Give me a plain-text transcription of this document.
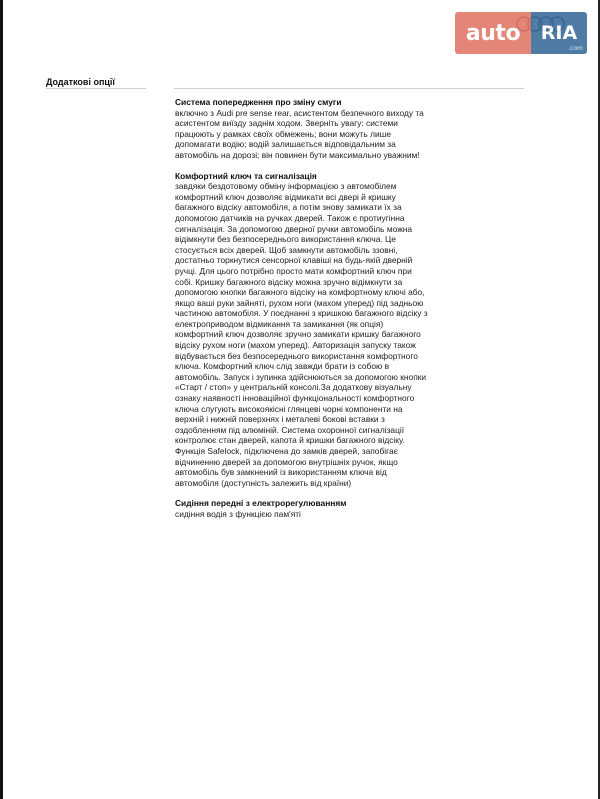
auto	RIA
.com
Додаткові опції
Система попередження про зміну смуги
включно з Audi pre sense rear, асистентом безпечного виходу та асистентом виїзду заднім ходом. Зверніть увагу: системи працюють у рамках своїх обмежень; вони можуть лише допомагати водію; водій залишається відповідальним за автомобіль на дорозі; він повинен бути максимально уважним!
Комфортний ключ та сигналізація
завдяки бездотовому обміну інформацією з автомобілем комфортний ключ дозволяє відмикати всі двері й кришку багажного відсіку автомобіля, а потім знову замикати їх за допомогою датчиків на ручках дверей. Також є протиугінна сигналізація. За допомогою дверної ручки автомобіль можна відімкнути без безпосереднього використання ключа. Це стосується всіх дверей. Щоб замкнути автомобіль ззовні, достатньо торкнутися сенсорної клавіші на будь-якій дверній ручці. Для цього потрібно просто мати комфортний ключ при собі. Кришку багажного відсіку можна зручно відімкнути за допомогою кнопки багажного відсіку на комфортному ключі або, якщо ваші руки зайняті, рухом ноги (махом уперед) під задньою частиною автомобіля. У поєднанні з кришкою багажного відсіку з електроприводом відмикання та замикання (як опція) комфортний ключ дозволяє зручно замикати кришку багажного відсіку рухом ноги (махом уперед). Авторизація запуску також відбувається без безпосереднього використання комфортного ключа. Комфортний ключ слід завжди брати із собою в автомобіль. Запуск і зупинка здійснюються за допомогою кнопки «Старт / стоп» у центральній консолі.За додатковy візуальну ознаку наявності інноваційної функціональності комфортного ключа слугують високоякісні глянцеві чорні компоненти на верхній і нижній поверхнях і металеві бокові вставки з оздобленням під алюміній. Система охоронної сигналізації контролює стан дверей, капота й кришки багажного відсіку. Функція Safelock, підключена до замків дверей, запобігає відчиненню дверей за допомогою внутрішніх ручок, якщо автомобіль був замкнений із використанням ключа від автомобіля (доступність залежить від країни)
Сидіння передні з електрорегулюванням
сидіння водія з функцією пам'яті
